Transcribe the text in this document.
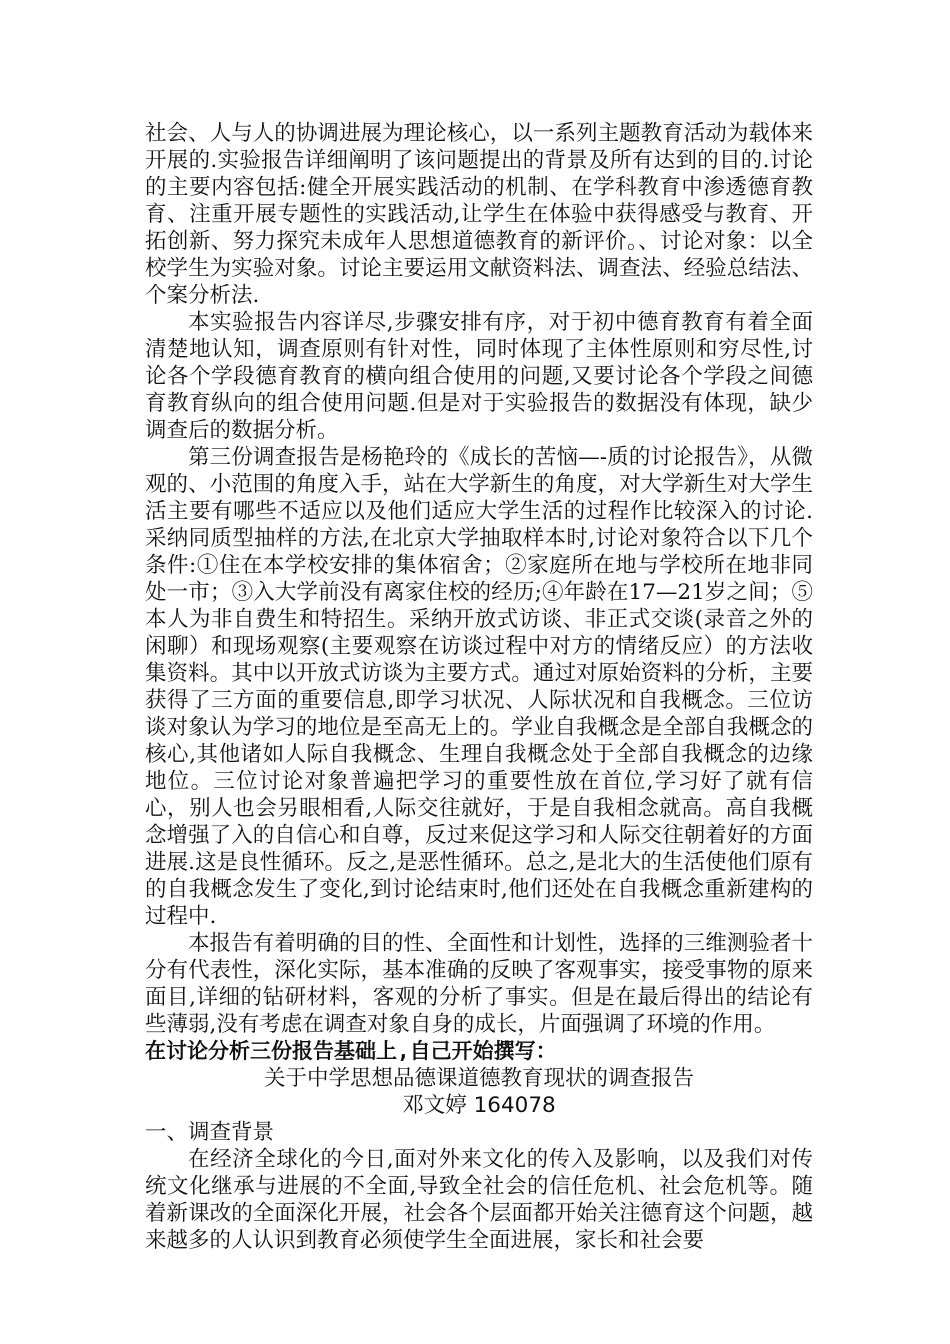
社会、人与人的协调进展为理论核心，以一系列主题教育活动为载体来开展的.实验报告详细阐明了该问题提出的背景及所有达到的目的.讨论的主要内容包括:健全开展实践活动的机制、在学科教育中渗透德育教育、注重开展专题性的实践活动,让学生在体验中获得感受与教育、开拓创新、努力探究未成年人思想道德教育的新评价。、讨论对象：以全校学生为实验对象。讨论主要运用文献资料法、调查法、经验总结法、个案分析法.

本实验报告内容详尽,步骤安排有序，对于初中德育教育有着全面清楚地认知，调查原则有针对性，同时体现了主体性原则和穷尽性,讨论各个学段德育教育的横向组合使用的问题,又要讨论各个学段之间德育教育纵向的组合使用问题.但是对于实验报告的数据没有体现，缺少调查后的数据分析。

第三份调查报告是杨艳玲的《成长的苦恼—-质的讨论报告》，从微观的、小范围的角度入手，站在大学新生的角度，对大学新生对大学生活主要有哪些不适应以及他们适应大学生活的过程作比较深入的讨论.采纳同质型抽样的方法,在北京大学抽取样本时,讨论对象符合以下几个条件:①住在本学校安排的集体宿舍；②家庭所在地与学校所在地非同处一市；③入大学前没有离家住校的经历;④年龄在17—21岁之间；⑤本人为非自费生和特招生。采纳开放式访谈、非正式交谈(录音之外的闲聊）和现场观察(主要观察在访谈过程中对方的情绪反应）的方法收集资料。其中以开放式访谈为主要方式。通过对原始资料的分析，主要获得了三方面的重要信息,即学习状况、人际状况和自我概念。三位访谈对象认为学习的地位是至高无上的。学业自我概念是全部自我概念的核心,其他诸如人际自我概念、生理自我概念处于全部自我概念的边缘地位。三位讨论对象普遍把学习的重要性放在首位,学习好了就有信心，别人也会另眼相看,人际交往就好，于是自我相念就高。高自我概念增强了入的自信心和自尊，反过来促这学习和人际交往朝着好的方面进展.这是良性循环。反之,是恶性循环。总之,是北大的生活使他们原有的自我概念发生了变化,到讨论结束时,他们还处在自我概念重新建构的过程中.

本报告有着明确的目的性、全面性和计划性，选择的三维测验者十分有代表性，深化实际，基本准确的反映了客观事实，接受事物的原来面目,详细的钻研材料，客观的分析了事实。但是在最后得出的结论有些薄弱,没有考虑在调查对象自身的成长，片面强调了环境的作用。

在讨论分析三份报告基础上,自己开始撰写：

关于中学思想品德课道德教育现状的调查报告

邓文婷 164078

一、调查背景

在经济全球化的今日,面对外来文化的传入及影响，以及我们对传统文化继承与进展的不全面,导致全社会的信任危机、社会危机等。随着新课改的全面深化开展，社会各个层面都开始关注德育这个问题，越来越多的人认识到教育必须使学生全面进展，家长和社会要
